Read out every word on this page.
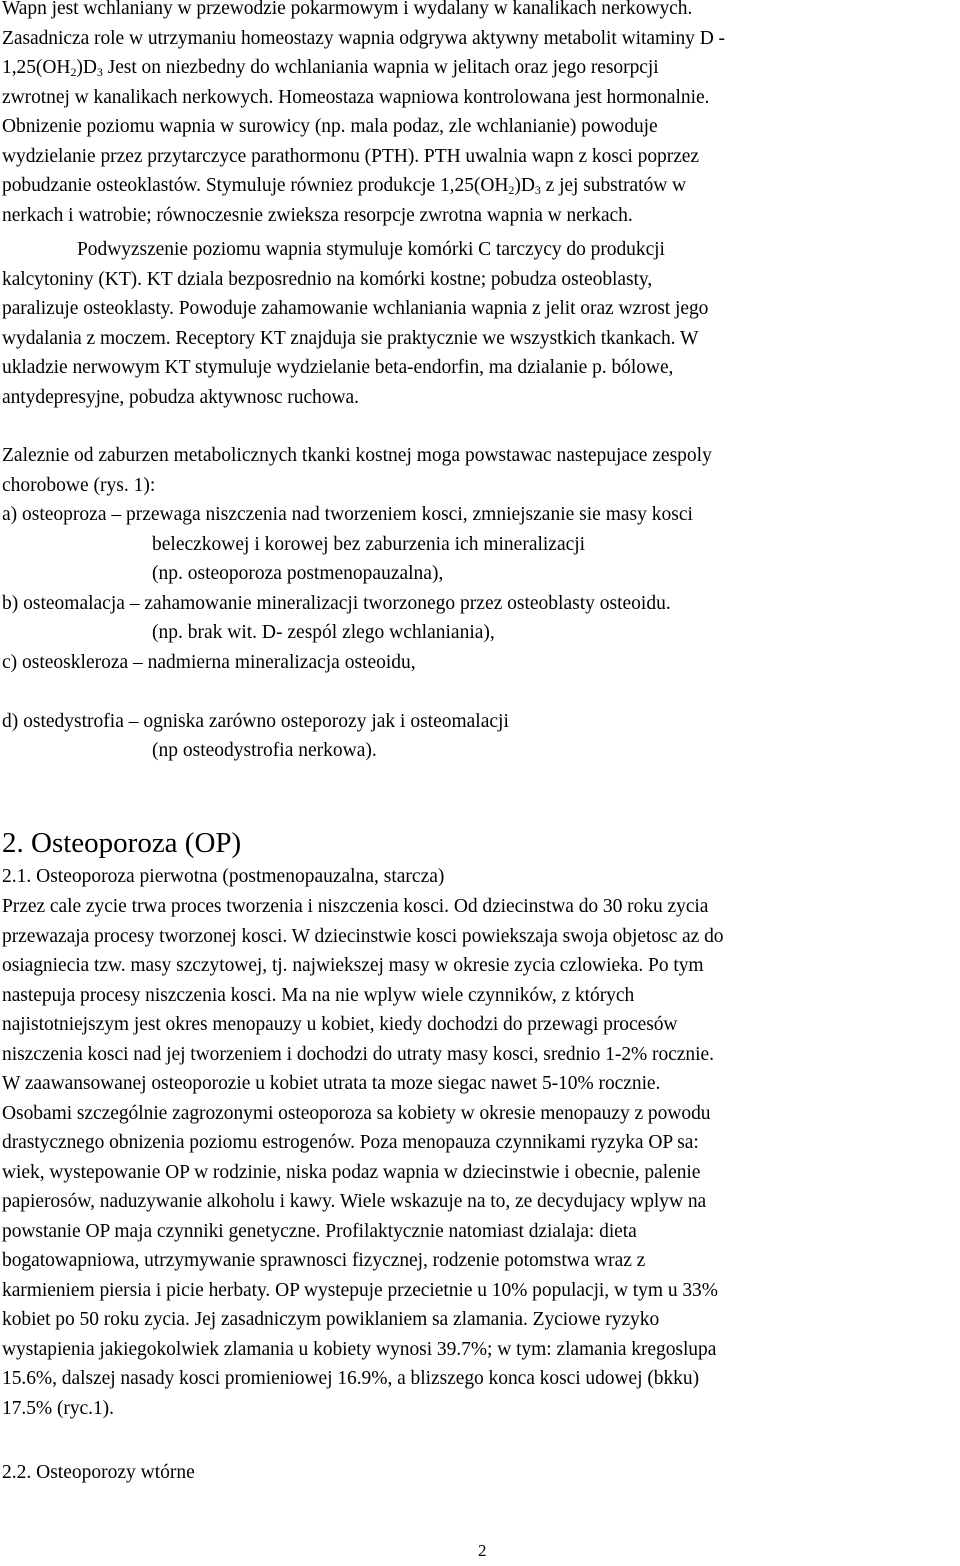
Wapn jest wchlaniany w przewodzie pokarmowym i wydalany w kanalikach nerkowych.
Zasadnicza role w utrzymaniu homeostazy wapnia odgrywa aktywny metabolit witaminy D -
$1,25(OH_2)D_3$ Jest on niezbedny do wchlaniania wapnia w jelitach oraz jego resorpcji
zwrotnej w kanalikach nerkowych. Homeostaza wapniowa kontrolowana jest hormonalnie.
Obnizenie poziomu wapnia w surowicy (np. mala podaz, zle wchlanianie) powoduje
wydzielanie przez przytarczyce parathormonu (PTH). PTH uwalnia wapn z kosci poprzez
pobudzanie osteoklastów. Stymuluje równiez produkcje $1,25(OH_2)D_3$ z jej substratów w
nerkach i watrobie; równoczesnie zwieksza resorpcje zwrotna wapnia w nerkach.
Podwyzszenie poziomu wapnia stymuluje komórki C tarczycy do produkcji
kalcytoniny (KT). KT dziala bezposrednio na komórki kostne; pobudza osteoblasty,
paralizuje osteoklasty. Powoduje zahamowanie wchlaniania wapnia z jelit oraz wzrost jego
wydalania z moczem. Receptory KT znajduja sie praktycznie we wszystkich tkankach. W
ukladzie nerwowym KT stymuluje wydzielanie beta-endorfin, ma dzialanie p. bólowe,
antydepresyjne, pobudza aktywnosc ruchowa.
Zaleznie od zaburzen metabolicznych tkanki kostnej moga powstawac nastepujace zespoly
chorobowe (rys. 1):
a) osteoproza – przewaga niszczenia nad tworzeniem kosci, zmniejszanie sie masy kosci
beleczkowej i korowej bez zaburzenia ich mineralizacji
(np. osteoporoza postmenopauzalna),
b) osteomalacja – zahamowanie mineralizacji tworzonego przez osteoblasty osteoidu.
(np. brak wit. D- zespól zlego wchlaniania),
c) osteoskleroza – nadmierna mineralizacja osteoidu,

d) ostedystrofia – ogniska zarówno osteporozy jak i osteomalacji
(np osteodystrofia nerkowa).
2. Osteoporoza (OP)
2.1. Osteoporoza pierwotna (postmenopauzalna, starcza)
Przez cale zycie trwa proces tworzenia i niszczenia kosci. Od dziecinstwa do 30 roku zycia
przewazaja procesy tworzonej kosci. W dziecinstwie kosci powiekszaja swoja objetosc az do
osiagniecia tzw. masy szczytowej, tj. najwiekszej masy w okresie zycia czlowieka. Po tym
nastepuja procesy niszczenia kosci. Ma na nie wplyw wiele czynników, z których
najistotniejszym jest okres menopauzy u kobiet, kiedy dochodzi do przewagi procesów
niszczenia kosci nad jej tworzeniem i dochodzi do utraty masy kosci, srednio 1-2% rocznie.
W zaawansowanej osteoporozie u kobiet utrata ta moze siegac nawet 5-10% rocznie.
Osobami szczególnie zagrozonymi osteoporoza sa kobiety w okresie menopauzy z powodu
drastycznego obnizenia poziomu estrogenów. Poza menopauza czynnikami ryzyka OP sa:
wiek, wystepowanie OP w rodzinie, niska podaz wapnia w dziecinstwie i obecnie, palenie
papierosów, naduzywanie alkoholu i kawy. Wiele wskazuje na to, ze decydujacy wplyw na
powstanie OP maja czynniki genetyczne. Profilaktycznie natomiast dzialaja: dieta
bogatowapniowa, utrzymywanie sprawnosci fizycznej, rodzenie potomstwa wraz z
karmieniem piersia i picie herbaty. OP wystepuje przecietnie u 10% populacji, w tym u 33%
kobiet po 50 roku zycia. Jej zasadniczym powiklaniem sa zlamania. Zyciowe ryzyko
wystapienia jakiegokolwiek zlamania u kobiety wynosi 39.7%; w tym: zlamania kregoslupa
15.6%, dalszej nasady kosci promieniowej 16.9%, a blizszego konca kosci udowej (bkku)
17.5% (ryc.1).
2.2. Osteoporozy wtórne
2
